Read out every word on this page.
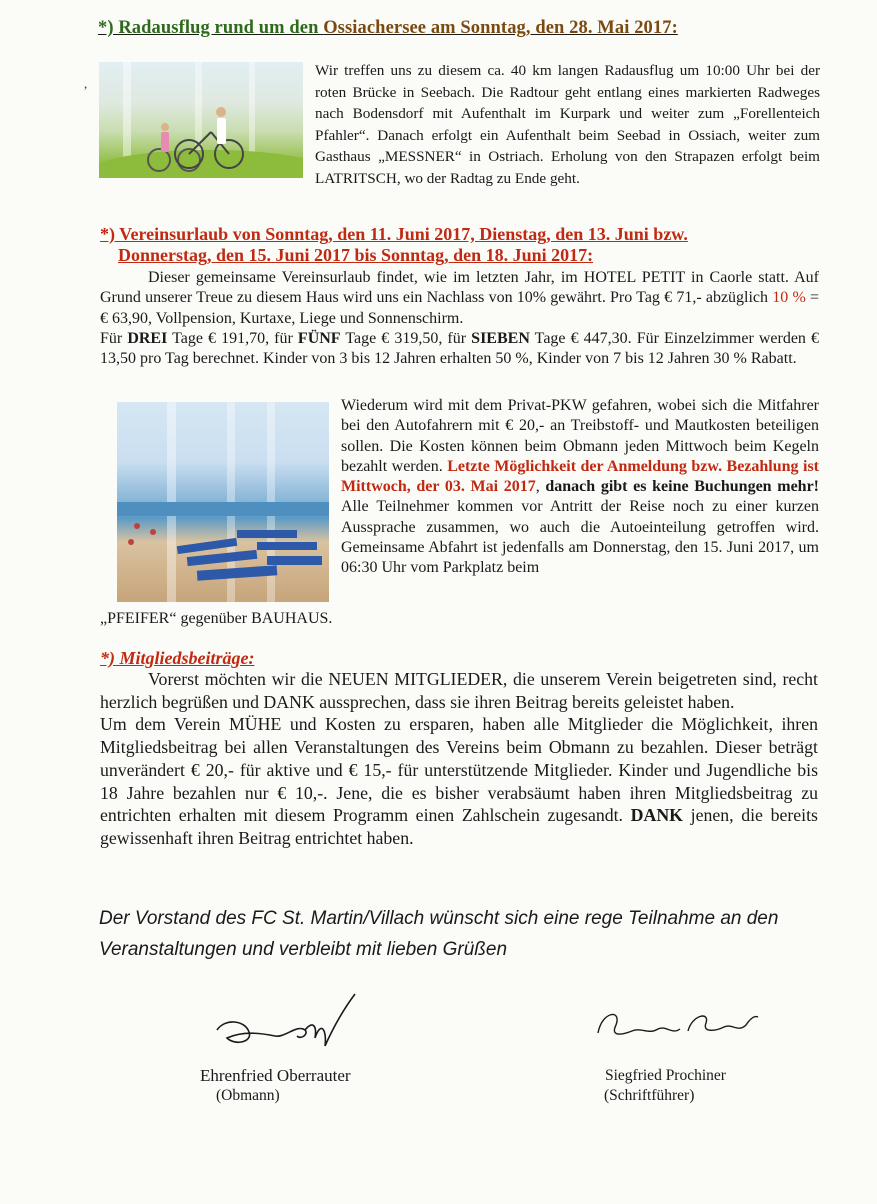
,
*) Radausflug rund um den Ossiachersee am Sonntag, den 28. Mai 2017:
Wir treffen uns zu diesem ca. 40 km langen Radausflug um 10:00 Uhr bei der roten Brücke in Seebach. Die Radtour geht entlang eines markierten Radweges nach Bodensdorf mit Aufenthalt im Kurpark und weiter zum „Forellenteich Pfahler“. Danach erfolgt ein Aufenthalt beim Seebad in Ossiach, weiter zum Gasthaus „MESSNER“ in Ostriach. Erholung von den Strapazen erfolgt beim LATRITSCH, wo der Radtag zu Ende geht.
*) Vereinsurlaub von Sonntag, den 11. Juni 2017, Dienstag, den 13. Juni bzw.
Donnerstag, den 15. Juni 2017 bis Sonntag, den 18. Juni 2017:
Dieser gemeinsame Vereinsurlaub findet, wie im letzten Jahr, im HOTEL PETIT in Caorle statt. Auf Grund unserer Treue zu diesem Haus wird uns ein Nachlass von 10% gewährt. Pro Tag € 71,- abzüglich 10 % = € 63,90, Vollpension, Kurtaxe, Liege und Sonnenschirm.
Für DREI Tage € 191,70, für FÜNF Tage € 319,50, für SIEBEN Tage € 447,30. Für Einzelzimmer werden € 13,50 pro Tag berechnet. Kinder von 3 bis 12 Jahren erhalten 50 %, Kinder von 7 bis 12 Jahren 30 % Rabatt.
Wiederum wird mit dem Privat-PKW gefahren, wobei sich die Mitfahrer bei den Autofahrern mit € 20,- an Treibstoff- und Mautkosten beteiligen sollen. Die Kosten können beim Obmann jeden Mittwoch beim Kegeln bezahlt werden. Letzte Möglichkeit der Anmeldung bzw. Bezahlung ist Mittwoch, der 03. Mai 2017, danach gibt es keine Buchungen mehr! Alle Teilnehmer kommen vor Antritt der Reise noch zu einer kurzen Aussprache zusammen, wo auch die Autoeinteilung getroffen wird. Gemeinsame Abfahrt ist jedenfalls am Donnerstag, den 15. Juni 2017, um 06:30 Uhr vom Parkplatz beim
„PFEIFER“ gegenüber BAUHAUS.
*) Mitgliedsbeiträge:
Vorerst möchten wir die NEUEN MITGLIEDER, die unserem Verein beigetreten sind, recht herzlich begrüßen und DANK aussprechen, dass sie ihren Beitrag bereits geleistet haben.
Um dem Verein MÜHE und Kosten zu ersparen, haben alle Mitglieder die Möglichkeit, ihren Mitgliedsbeitrag bei allen Veranstaltungen des Vereins beim Obmann zu bezahlen. Dieser beträgt unverändert € 20,- für aktive und € 15,- für unterstützende Mitglieder. Kinder und Jugendliche bis 18 Jahre bezahlen nur € 10,-. Jene, die es bisher verabsäumt haben ihren Mitgliedsbeitrag zu entrichten erhalten mit diesem Programm einen Zahlschein zugesandt. DANK jenen, die bereits gewissenhaft ihren Beitrag entrichtet haben.
Der Vorstand des FC St. Martin/Villach wünscht sich eine rege Teilnahme an den Veranstaltungen und verbleibt mit lieben Grüßen
Ehrenfried Oberrauter
(Obmann)
Siegfried Prochiner
(Schriftführer)
